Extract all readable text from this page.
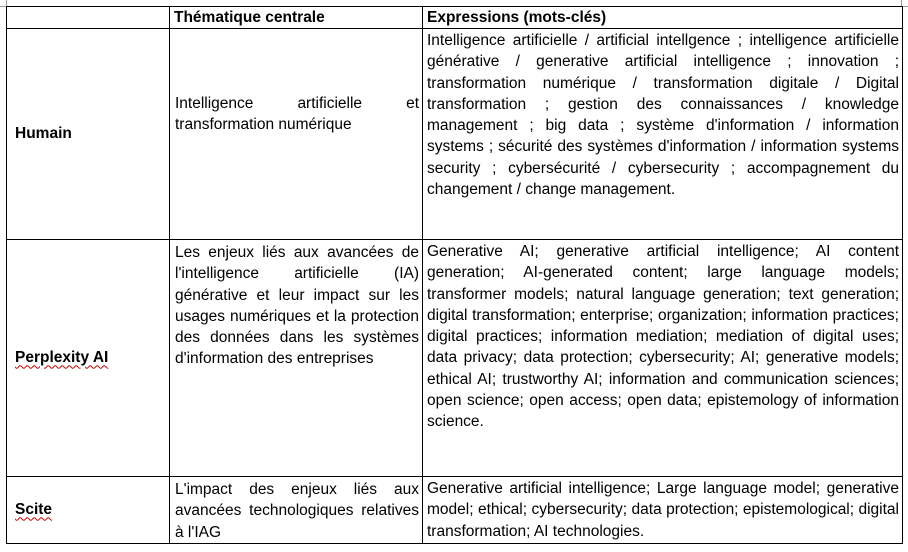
	Thématique centrale	Expressions (mots-clés)
Humain	Intelligence artificielle et transformation numérique	Intelligence artificielle / artificial intellgence ; intelligence artificielle générative / generative artificial intelligence ; innovation ; transformation numérique / transformation digitale / Digital transformation ; gestion des connaissances / knowledge management ; big data ; système d'information / information systems ; sécurité des systèmes d'information / information systems security ; cybersécurité / cybersecurity ; accompagnement du changement / change management.

Perplexity AI	Les enjeux liés aux avancées de l'intelligence artificielle (IA) générative et leur impact sur les usages numériques et la protection des données dans les systèmes d'information des entreprises	Generative AI; generative artificial intelligence; AI content generation; AI-generated content; large language models; transformer models; natural language generation; text generation; digital transformation; enterprise; organization; information practices; digital practices; information mediation; mediation of digital uses; data privacy; data protection; cybersecurity; AI; generative models; ethical AI; trustworthy AI; information and communication sciences; open science; open access; open data; epistemology of information science.

Scite	L'impact des enjeux liés aux avancées technologiques relatives à l'IAG	Generative artificial intelligence; Large language model; generative model; ethical; cybersecurity; data protection; epistemological; digital transformation; AI technologies.
